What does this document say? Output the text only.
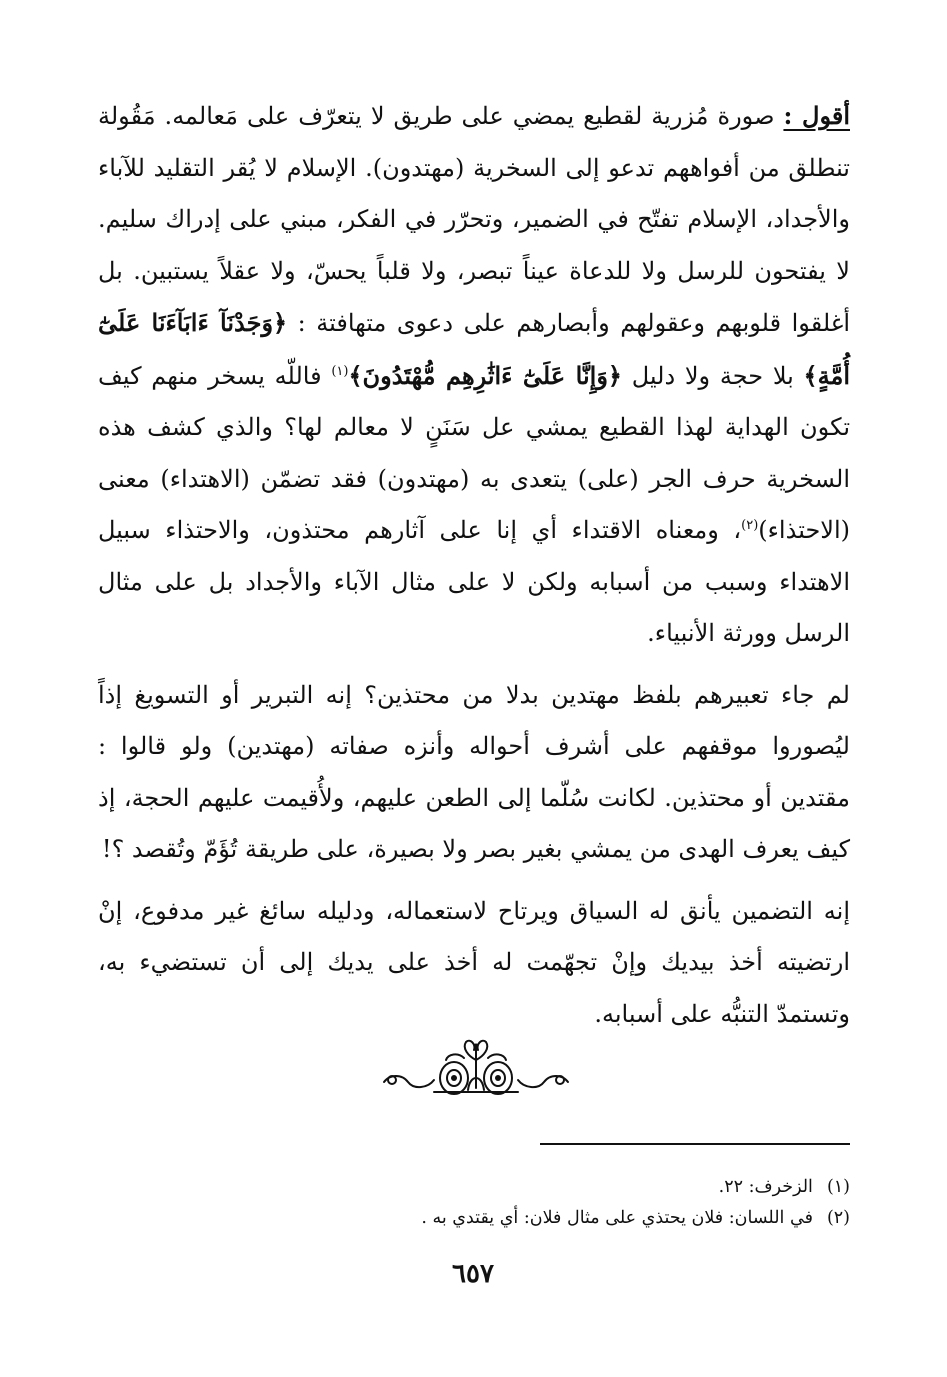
أقول : صورة مُزرية لقطيع يمضي على طريق لا يتعرّف على مَعالمه. مَقُولة تنطلق من أفواههم تدعو إلى السخرية (مهتدون). الإسلام لا يُقر التقليد للآباء والأجداد، الإسلام تفتّح في الضمير، وتحرّر في الفكر، مبني على إدراك سليم. لا يفتحون للرسل ولا للدعاة عيناً تبصر، ولا قلباً يحسّ، ولا عقلاً يستبين. بل أغلقوا قلوبهم وعقولهم وأبصارهم على دعوى متهافتة : ﴿وَجَدْنَآ ءَابَآءَنَا عَلَىٰٓ أُمَّةٍ﴾ بلا حجة ولا دليل ﴿وَإِنَّا عَلَىٰٓ ءَاثَٰرِهِم مُّهْتَدُونَ﴾$^{(١)}$ فاللّه يسخر منهم كيف تكون الهداية لهذا القطيع يمشي عل سَنَنٍ لا معالم لها؟ والذي كشف هذه السخرية حرف الجر (على) يتعدى به (مهتدون) فقد تضمّن (الاهتداء) معنى (الاحتذاء)$^{(٢)}$، ومعناه الاقتداء أي إنا على آثارهم محتذون، والاحتذاء سبيل الاهتداء وسبب من أسبابه ولكن لا على مثال الآباء والأجداد بل على مثال الرسل وورثة الأنبياء.

لم جاء تعبيرهم بلفظ مهتدين بدلا من محتذين؟ إنه التبرير أو التسويغ إذاً ليُصوروا موقفهم على أشرف أحواله وأنزه صفاته (مهتدين) ولو قالوا : مقتدين أو محتذين. لكانت سُلّما إلى الطعن عليهم، ولأُقيمت عليهم الحجة، إذ كيف يعرف الهدى من يمشي بغير بصر ولا بصيرة، على طريقة تُؤَمّ وتُقصد ؟!

إنه التضمين يأنق له السياق ويرتاح لاستعماله، ودليله سائغ غير مدفوع، إنْ ارتضيته أخذ بيديك وإنْ تجهّمت له أخذ على يديك إلى أن تستضيء به، وتستمدّ التنبُّه على أسبابه.

(١)الزخرف: ٢٢.

(٢)في اللسان: فلان يحتذي على مثال فلان: أي يقتدي به .

٦٥٧
